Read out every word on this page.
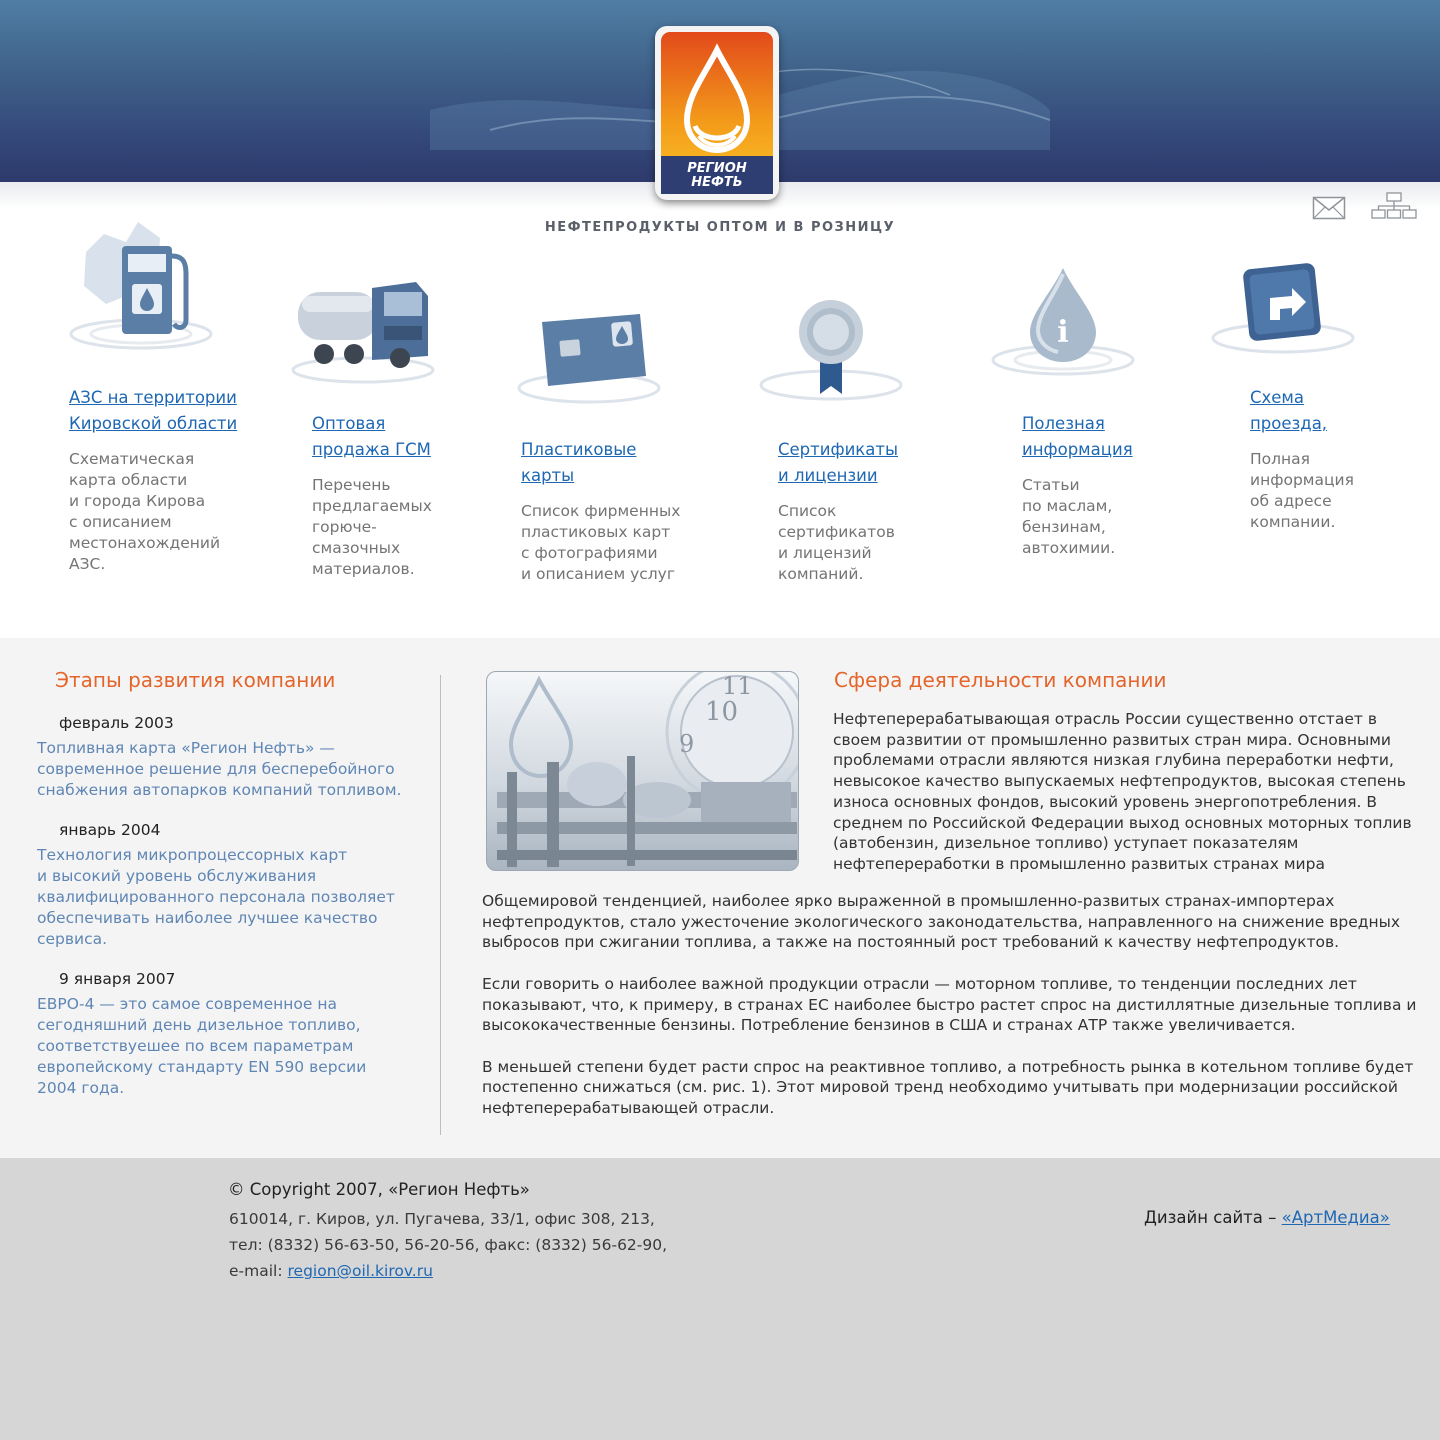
РЕГИОН
НЕФТЬ
НЕФТЕПРОДУКТЫ ОПТОМ И В РОЗНИЦУ
АЗС на территории
Кировской области

Схематическая
карта области
и города Кирова
с описанием
местонахождений
АЗС.

Оптовая
продажа ГСМ

Перечень
предлагаемых
горюче-
смазочных
материалов.

Пластиковые
карты

Список фирменных
пластиковых карт
с фотографиями
и описанием услуг

Сертификаты
и лицензии

Список
сертификатов
и лицензий
компаний.

Полезная
информация

Статьи
по маслам,
бензинам,
автохимии.

i
Схема
проезда,

Полная
информация
об адресе
компании.

Этапы развития компании
февраль 2003
Топливная карта «Регион Нефть» —
современное решение для бесперебойного
снабжения автопарков компаний топливом.
январь 2004
Технология микропроцессорных карт
и высокий уровень обслуживания
квалифицированного персонала позволяет
обеспечивать наиболее лучшее качество
сервиса.
9 января 2007
ЕВРО-4 — это самое современное на
сегодняшний день дизельное топливо,
соответствуешее по всем параметрам
европейскому стандарту EN 590 версии
2004 года.
10
9
11	Сфера деятельности компании
Нефтеперерабатывающая отрасль России существенно отстает в
своем развитии от промышленно развитых стран мира. Основными
проблемами отрасли являются низкая глубина переработки нефти,
невысокое качество выпускаемых нефтепродуктов, высокая степень
износа основных фондов, высокий уровень энергопотребления. В
среднем по Российской Федерации выход основных моторных топлив
(автобензин, дизельное топливо) уступает показателям
нефтепереработки в промышленно развитых странах мира
Общемировой тенденцией, наиболее ярко выраженной в промышленно-развитых странах-импортерах
нефтепродуктов, стало ужесточение экологического законодательства, направленного на снижение вредных
выбросов при сжигании топлива, а также на постоянный рост требований к качеству нефтепродуктов.
Если говорить о наиболее важной продукции отрасли — моторном топливе, то тенденции последних лет
показывают, что, к примеру, в странах ЕС наиболее быстро растет спрос на дистиллятные дизельные топлива и
высококачественные бензины. Потребление бензинов в США и странах АТР также увеличивается.
В меньшей степени будет расти спрос на реактивное топливо, а потребность рынка в котельном топливе будет
постепенно снижаться (см. рис. 1). Этот мировой тренд необходимо учитывать при модернизации российской
нефтеперерабатывающей отрасли.
© Copyright 2007, «Регион Нефть»
610014, г. Киров, ул. Пугачева, 33/1, офис 308, 213,
тел: (8332) 56-63-50, 56-20-56, факс: (8332) 56-62-90,
e-mail: region@oil.kirov.ru
Дизайн сайта – «АртМедиа»
